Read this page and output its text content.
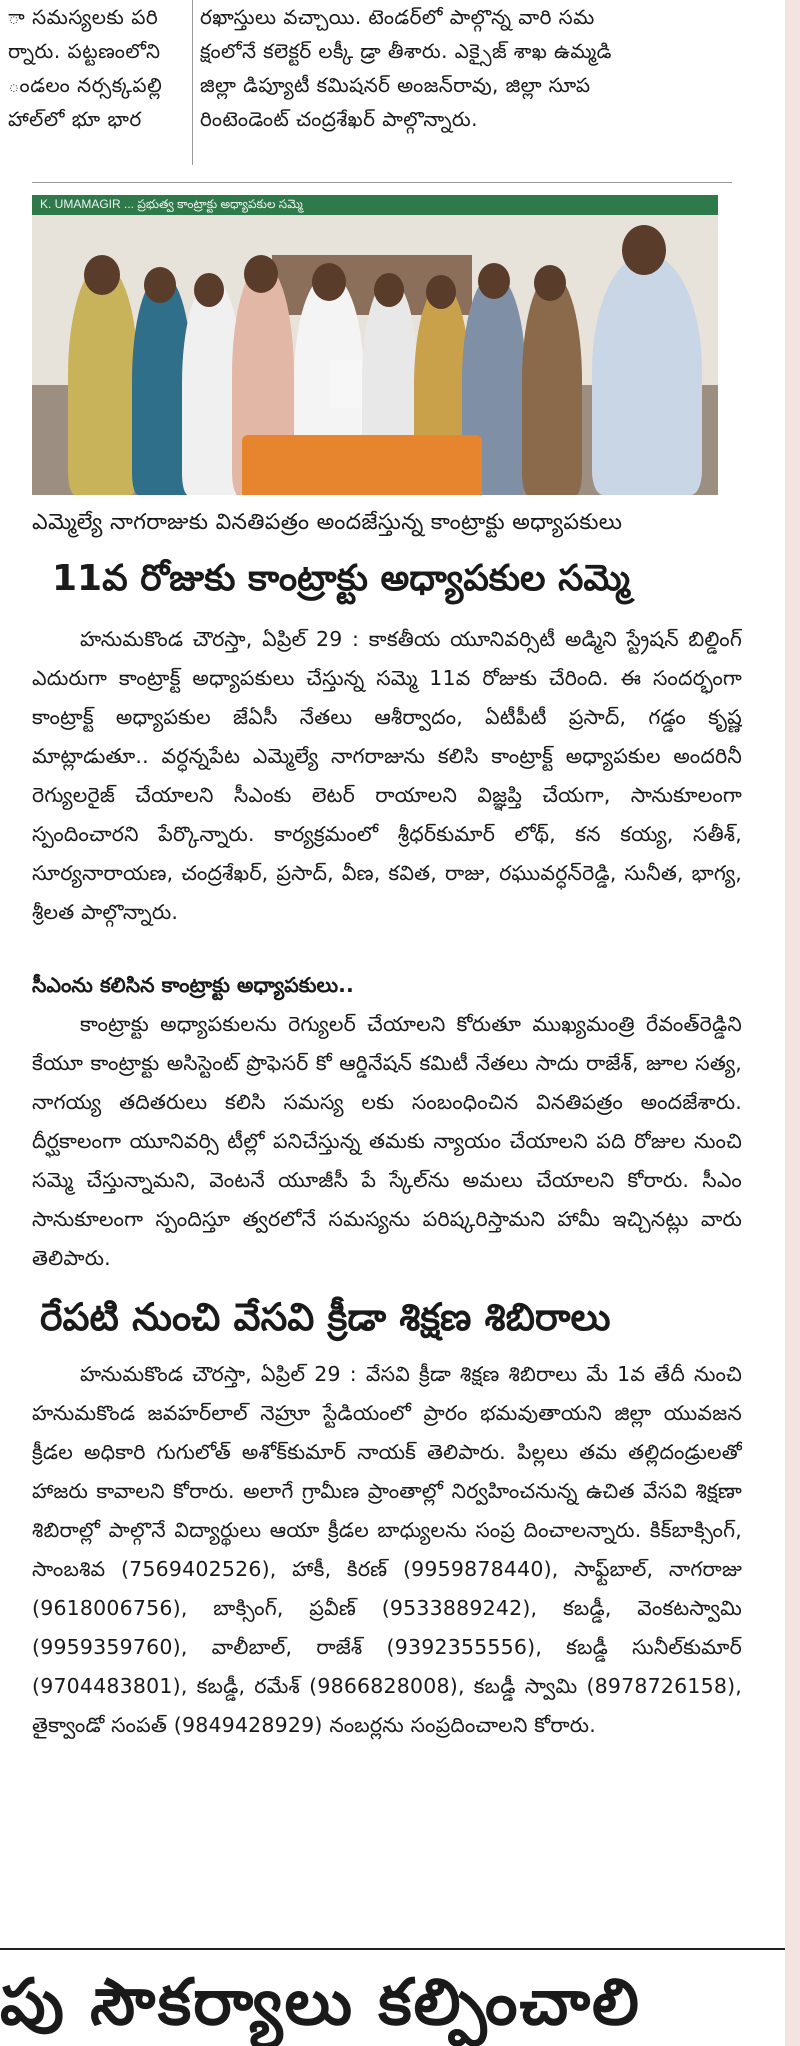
ా సమస్యలకు పరి
ర్నారు. పట్టణంలోని
ండలం నర్సక్కపల్లి
హాల్‌లో భూ భార
రఖాస్తులు వచ్చాయి. టెండర్‌లో పాల్గొన్న వారి సమ
క్షంలోనే కలెక్టర్ లక్కీ డ్రా తీశారు. ఎక్సైజ్ శాఖ ఉమ్మడి
జిల్లా డిప్యూటీ కమిషనర్ అంజన్‌రావు, జిల్లా సూప
రింటెండెంట్ చంద్రశేఖర్ పాల్గొన్నారు.
K. UMAMAGIR ... ప్రభుత్వ కాంట్రాక్టు అధ్యాపకుల సమ్మె
ఎమ్మెల్యే నాగరాజుకు వినతిపత్రం అందజేస్తున్న కాంట్రాక్టు అధ్యాపకులు
11వ రోజుకు కాంట్రాక్టు అధ్యాపకుల సమ్మె

హనుమకొండ చౌరస్తా, ఏప్రిల్ 29 : కాకతీయ యూనివర్సిటీ అడ్మిని స్ట్రేషన్ బిల్డింగ్ ఎదురుగా కాంట్రాక్ట్ అధ్యాపకులు చేస్తున్న సమ్మె 11వ రోజుకు చేరింది. ఈ సందర్భంగా కాంట్రాక్ట్ అధ్యాపకుల జేఏసీ నేతలు ఆశీర్వాదం, ఏటీపీటీ ప్రసాద్, గడ్డం కృష్ణ మాట్లాడుతూ.. వర్ధన్నపేట ఎమ్మెల్యే నాగరాజును కలిసి కాంట్రాక్ట్ అధ్యాపకుల అందరినీ రెగ్యులరైజ్ చేయాలని సీఎంకు లెటర్ రాయాలని విజ్ఞప్తి చేయగా, సానుకూలంగా స్పందించారని పేర్కొన్నారు. కార్యక్రమంలో శ్రీధర్‌కుమార్ లోథ్, కన కయ్య, సతీశ్, సూర్యనారాయణ, చంద్రశేఖర్, ప్రసాద్, వీణ, కవిత, రాజు, రఘువర్ధన్‌రెడ్డి, సునీత, భాగ్య, శ్రీలత పాల్గొన్నారు.

సీఎంను కలిసిన కాంట్రాక్టు అధ్యాపకులు..

కాంట్రాక్టు అధ్యాపకులను రెగ్యులర్ చేయాలని కోరుతూ ముఖ్యమంత్రి రేవంత్‌రెడ్డిని కేయూ కాంట్రాక్టు అసిస్టెంట్ ప్రొఫెసర్ కో ఆర్డినేషన్ కమిటీ నేతలు సాదు రాజేశ్, జూల సత్య, నాగయ్య తదితరులు కలిసి సమస్య లకు సంబంధించిన వినతిపత్రం అందజేశారు. దీర్ఘకాలంగా యూనివర్సి టీల్లో పనిచేస్తున్న తమకు న్యాయం చేయాలని పది రోజుల నుంచి సమ్మె చేస్తున్నామని, వెంటనే యూజీసీ పే స్కేల్‌ను అమలు చేయాలని కోరారు. సీఎం సానుకూలంగా స్పందిస్తూ త్వరలోనే సమస్యను పరిష్కరిస్తామని హామీ ఇచ్చినట్లు వారు తెలిపారు.

రేపటి నుంచి వేసవి క్రీడా శిక్షణ శిబిరాలు

హనుమకొండ చౌరస్తా, ఏప్రిల్ 29 : వేసవి క్రీడా శిక్షణ శిబిరాలు మే 1వ తేదీ నుంచి హనుమకొండ జవహర్‌లాల్ నెహ్రూ స్టేడియంలో ప్రారం భమవుతాయని జిల్లా యువజన క్రీడల అధికారి గుగులోత్ అశోక్‌కుమార్ నాయక్ తెలిపారు. పిల్లలు తమ తల్లిదండ్రులతో హాజరు కావాలని కోరారు. అలాగే గ్రామీణ ప్రాంతాల్లో నిర్వహించనున్న ఉచిత వేసవి శిక్షణా శిబిరాల్లో పాల్గొనే విద్యార్థులు ఆయా క్రీడల బాధ్యులను సంప్ర దించాలన్నారు. కిక్‌బాక్సింగ్, సాంబశివ (7569402526), హాకీ, కిరణ్ (9959878440), సాఫ్ట్‌బాల్, నాగరాజు (9618006756), బాక్సింగ్, ప్రవీణ్ (9533889242), కబడ్డీ, వెంకటస్వామి (9959359760), వాలీబాల్, రాజేశ్ (9392355556), కబడ్డీ సునీల్‌కుమార్ (9704483801), కబడ్డీ, రమేశ్ (9866828008), కబడ్డీ స్వామి (8978726158), తైక్వాండో సంపత్ (9849428929) నంబర్లను సంప్రదించాలని కోరారు.

పు సౌకర్యాలు కల్పించాలి
